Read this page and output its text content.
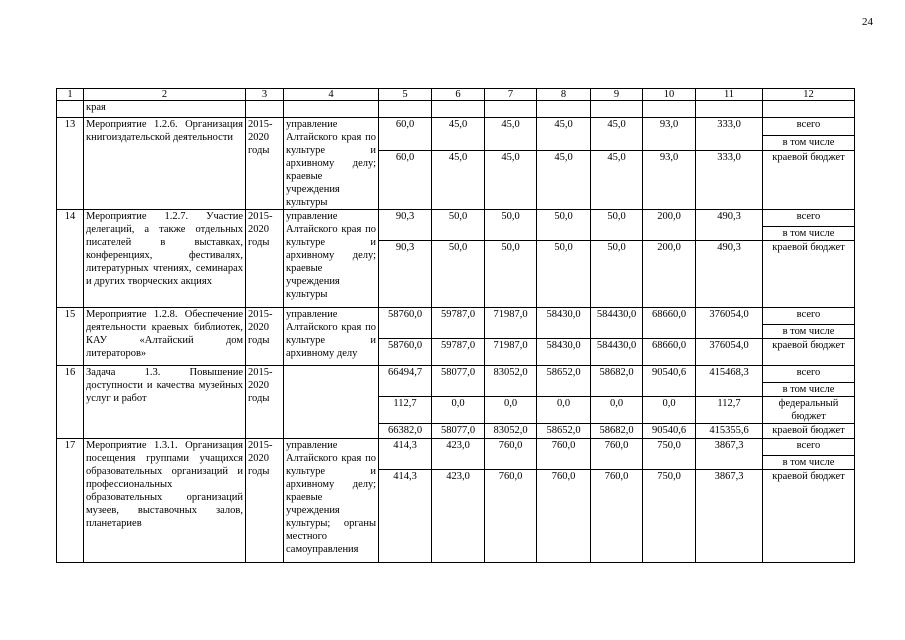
24
1	2	3	4	5	6	7	8	9	10	11	12
	края										
13	Мероприятие 1.2.6. Организация книгоиздательской деятельности	2015-2020 годы	управление Алтайского края по культуре и архивному делу; краевые учреждения культуры	60,0	45,0	45,0	45,0	45,0	93,0	333,0	всего
											в том числе
				60,0	45,0	45,0	45,0	45,0	93,0	333,0	краевой бюджет
14	Мероприятие 1.2.7. Участие делегаций, а также отдельных писателей в выставках, конференциях, фестивалях, литературных чтениях, семинарах и других творческих акциях	2015-2020 годы	управление Алтайского края по культуре и архивному делу; краевые учреждения культуры	90,3	50,0	50,0	50,0	50,0	200,0	490,3	всего
											в том числе
				90,3	50,0	50,0	50,0	50,0	200,0	490,3	краевой бюджет
15	Мероприятие 1.2.8. Обеспечение деятельности краевых библиотек, КАУ «Алтайский дом литераторов»	2015-2020 годы	управление Алтайского края по культуре и архивному делу	58760,0	59787,0	71987,0	58430,0	584430,0	68660,0	376054,0	всего
											в том числе
				58760,0	59787,0	71987,0	58430,0	584430,0	68660,0	376054,0	краевой бюджет
16	Задача 1.3. Повышение доступности и качества музейных услуг и работ	2015-2020 годы		66494,7	58077,0	83052,0	58652,0	58682,0	90540,6	415468,3	всего
											в том числе
				112,7	0,0	0,0	0,0	0,0	0,0	112,7	федеральный бюджет
				66382,0	58077,0	83052,0	58652,0	58682,0	90540,6	415355,6	краевой бюджет
17	Мероприятие 1.3.1. Организация посещения группами учащихся образовательных организаций и профессиональных образовательных организаций музеев, выставочных залов, планетариев	2015-2020 годы	управление Алтайского края по культуре и архивному делу; краевые учреждения культуры; органы местного самоуправления	414,3	423,0	760,0	760,0	760,0	750,0	3867,3	всего
											в том числе
				414,3	423,0	760,0	760,0	760,0	750,0	3867,3	краевой бюджет
